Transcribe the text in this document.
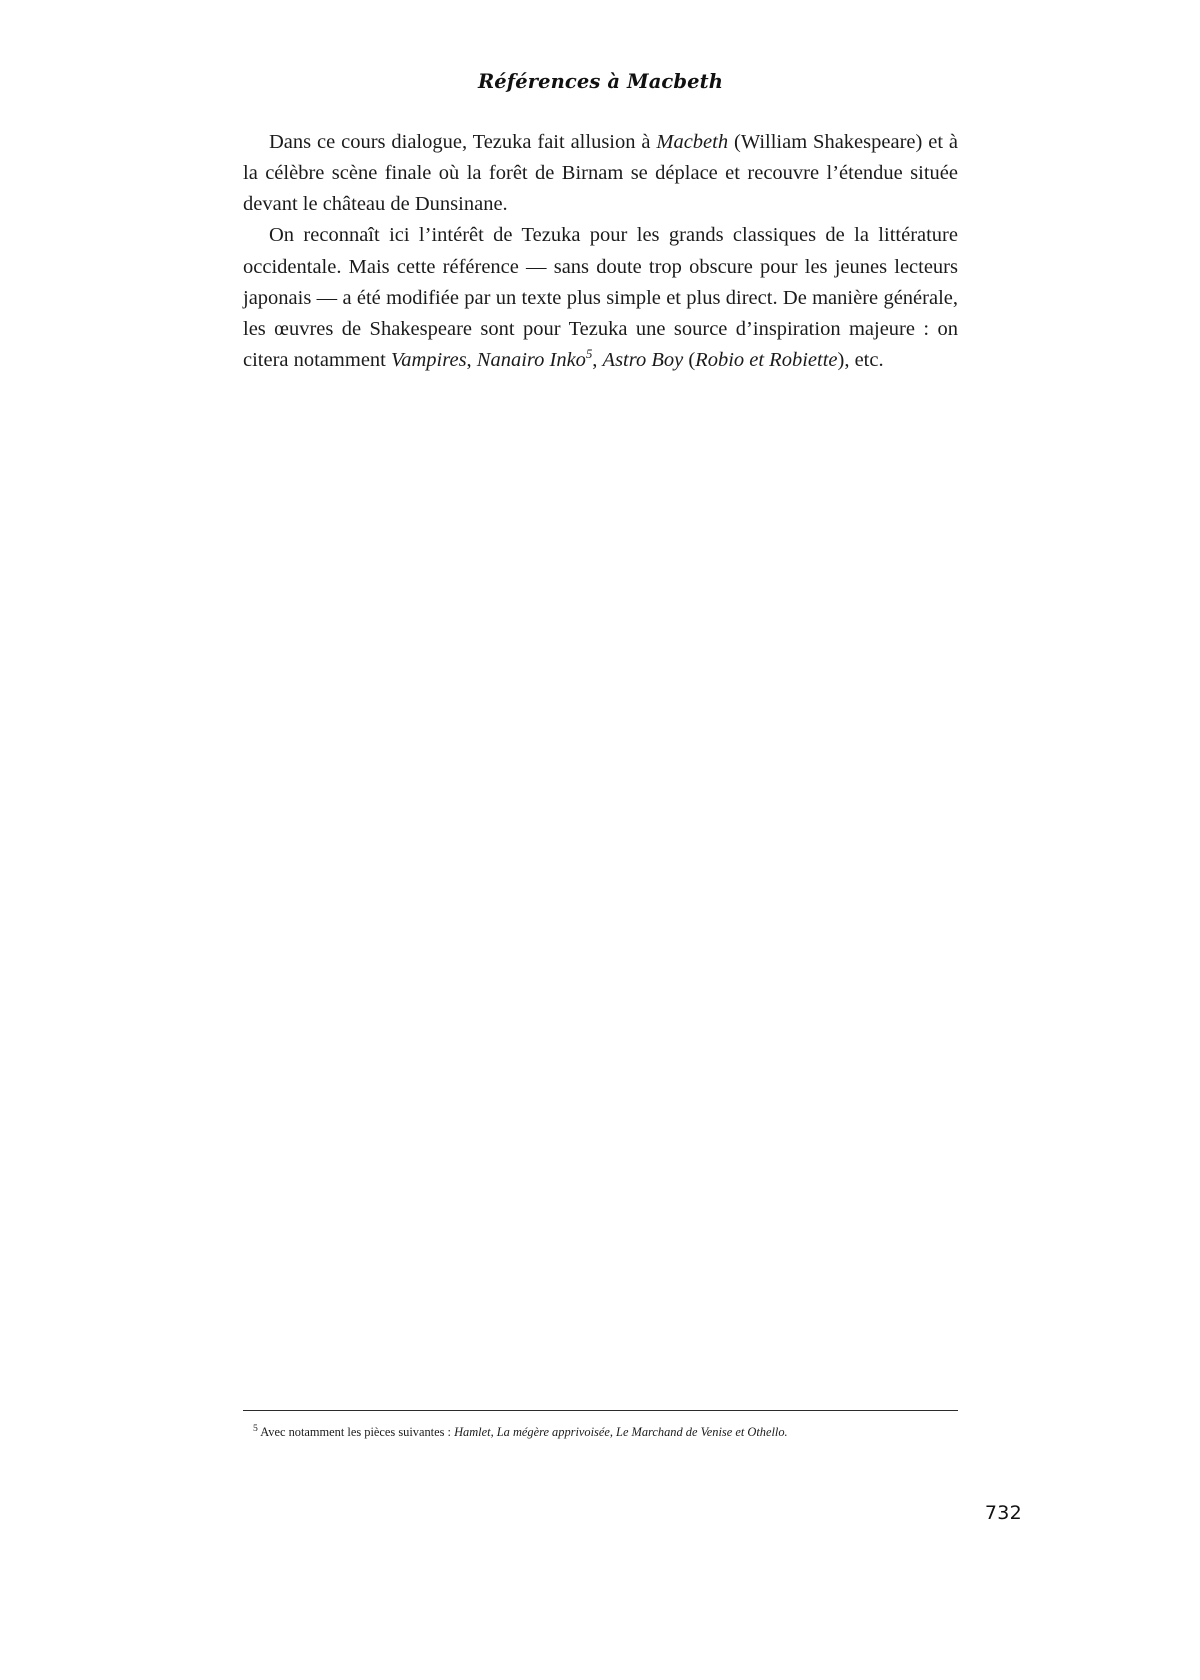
Références à Macbeth

Dans ce cours dialogue, Tezuka fait allusion à Macbeth (William Shakespeare) et à la célèbre scène finale où la forêt de Birnam se déplace et recouvre l’étendue située devant le château de Dunsinane.

On reconnaît ici l’intérêt de Tezuka pour les grands classiques de la littérature occidentale. Mais cette référence — sans doute trop obscure pour les jeunes lecteurs japonais — a été modifiée par un texte plus simple et plus direct. De manière générale, les œuvres de Shakespeare sont pour Tezuka une source d’inspiration majeure : on citera notamment Vampires, Nanairo Inko$^5$, Astro Boy (Robio et Robiette), etc.

$^5$ Avec notamment les pièces suivantes : Hamlet, La mégère apprivoisée, Le Marchand de Venise et Othello.

732
